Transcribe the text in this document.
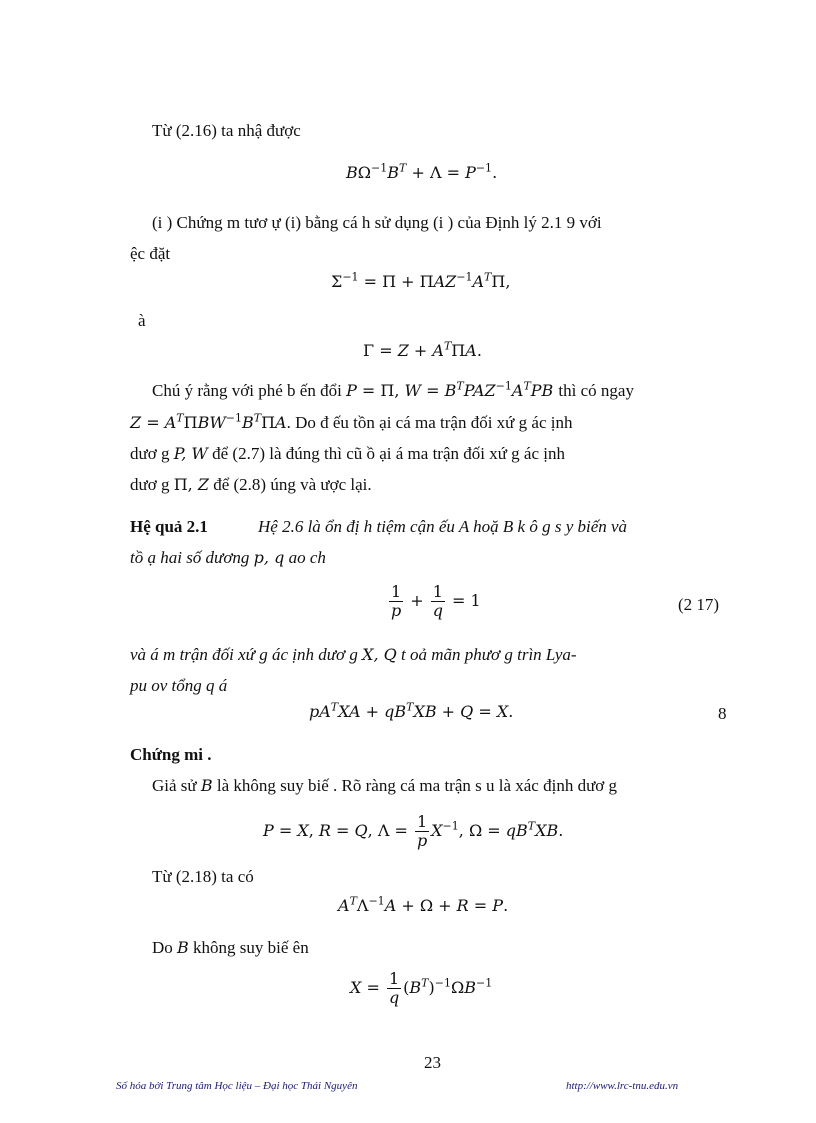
Từ (2.16) ta nhậ được
$B\Omega^{-1}B^T + \Lambda = P^{-1}$.
(i ) Chứng m tươ ự (i) bằng cá h sử dụng (i ) của Định lý 2.1 9 với
ệc đặt
$\Sigma^{-1} = \Pi + \Pi AZ^{-1}A^T\Pi$,
à
$\Gamma = Z + A^T\Pi A$.
Chú ý rằng với phé b ến đổi P = Π, $W = B^TPAZ^{-1}A^TPB$ thì có ngay
$Z = A^T\Pi BW^{-1}B^T\Pi A$. Do đ ếu tồn ại cá ma trận đối xứ g ác ịnh
dươ g P, W để (2.7) là đúng thì cũ ồ ại á ma trận đối xứ g ác ịnh
dươ g Π, Z để (2.8) úng và ược lại.
Hệ quả 2.1	Hệ 2.6 là ổn đị h tiệm cận ếu A hoặ B k ô g s y biến và
tồ ạ hai số dương p, q ao ch
$\frac{1}{p} + \frac{1}{q} = 1$	(2 17)
và á m trận đối xứ g ác ịnh dươ g X, Q t oả mãn phươ g trìn Lya-
pu ov tổng q á
$pA^TXA + qB^TXB + Q = X$.	8
Chứng mi .
Giả sử B là không suy biế . Rõ ràng cá ma trận s u là xác định dươ g
P = X, R = Q, $\Lambda = \frac{1}{p} X^{-1}$, $\Omega = qB^TXB$.
Từ (2.18) ta có
$A^T\Lambda^{-1}A + \Omega + R = P$.
Do B không suy biế ên
$X = \frac{1}{q} (B^T)^{-1}\Omega B^{-1}$
23
Số hóa bởi Trung tâm Học liệu – Đại học Thái Nguyên	http://www.lrc-tnu.edu.vn
